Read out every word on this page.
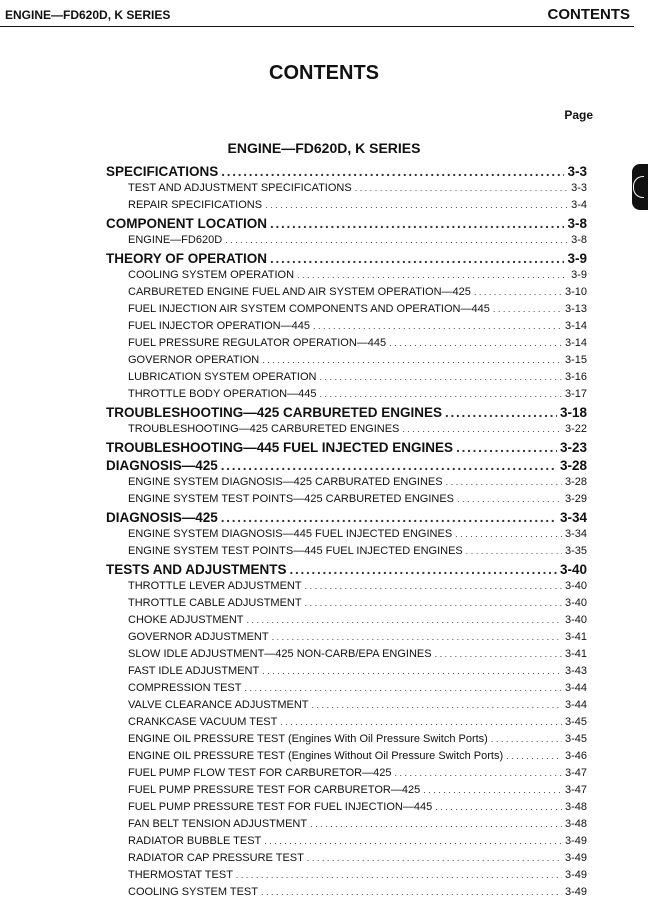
ENGINE—FD620D, K SERIES	CONTENTS
CONTENTS
Page
ENGINE—FD620D, K SERIES
SPECIFICATIONS . . .	3-3
TEST AND ADJUSTMENT SPECIFICATIONS . . .	3-3
REPAIR SPECIFICATIONS . . .	3-4
COMPONENT LOCATION . . .	3-8
ENGINE—FD620D . . .	3-8
THEORY OF OPERATION . . .	3-9
COOLING SYSTEM OPERATION . . .	3-9
CARBURETED ENGINE FUEL AND AIR SYSTEM OPERATION—425 . . .	3-10
FUEL INJECTION AIR SYSTEM COMPONENTS AND OPERATION—445 . . .	3-13
FUEL INJECTOR OPERATION—445 . . .	3-14
FUEL PRESSURE REGULATOR OPERATION—445 . . .	3-14
GOVERNOR OPERATION . . .	3-15
LUBRICATION SYSTEM OPERATION . . .	3-16
THROTTLE BODY OPERATION—445 . . .	3-17
TROUBLESHOOTING—425 CARBURETED ENGINES . . .	3-18
TROUBLESHOOTING—425 CARBURETED ENGINES . . .	3-22
TROUBLESHOOTING—445 FUEL INJECTED ENGINES . . .	3-23
DIAGNOSIS—425 . . .	3-28
ENGINE SYSTEM DIAGNOSIS—425 CARBURATED ENGINES . . .	3-28
ENGINE SYSTEM TEST POINTS—425 CARBURETED ENGINES . . .	3-29
DIAGNOSIS—425 . . .	3-34
ENGINE SYSTEM DIAGNOSIS—445 FUEL INJECTED ENGINES . . .	3-34
ENGINE SYSTEM TEST POINTS—445 FUEL INJECTED ENGINES . . .	3-35
TESTS AND ADJUSTMENTS . . .	3-40
THROTTLE LEVER ADJUSTMENT . . .	3-40
THROTTLE CABLE ADJUSTMENT . . .	3-40
CHOKE ADJUSTMENT . . .	3-40
GOVERNOR ADJUSTMENT . . .	3-41
SLOW IDLE ADJUSTMENT—425 NON-CARB/EPA ENGINES . . .	3-41
FAST IDLE ADJUSTMENT . . .	3-43
COMPRESSION TEST . . .	3-44
VALVE CLEARANCE ADJUSTMENT . . .	3-44
CRANKCASE VACUUM TEST . . .	3-45
ENGINE OIL PRESSURE TEST (Engines With Oil Pressure Switch Ports) . . .	3-45
ENGINE OIL PRESSURE TEST (Engines Without Oil Pressure Switch Ports) . . .	3-46
FUEL PUMP FLOW TEST FOR CARBURETOR—425 . . .	3-47
FUEL PUMP PRESSURE TEST FOR CARBURETOR—425 . . .	3-47
FUEL PUMP PRESSURE TEST FOR FUEL INJECTION—445 . . .	3-48
FAN BELT TENSION ADJUSTMENT . . .	3-48
RADIATOR BUBBLE TEST . . .	3-49
RADIATOR CAP PRESSURE TEST . . .	3-49
THERMOSTAT TEST . . .	3-49
COOLING SYSTEM TEST . . .	3-49
